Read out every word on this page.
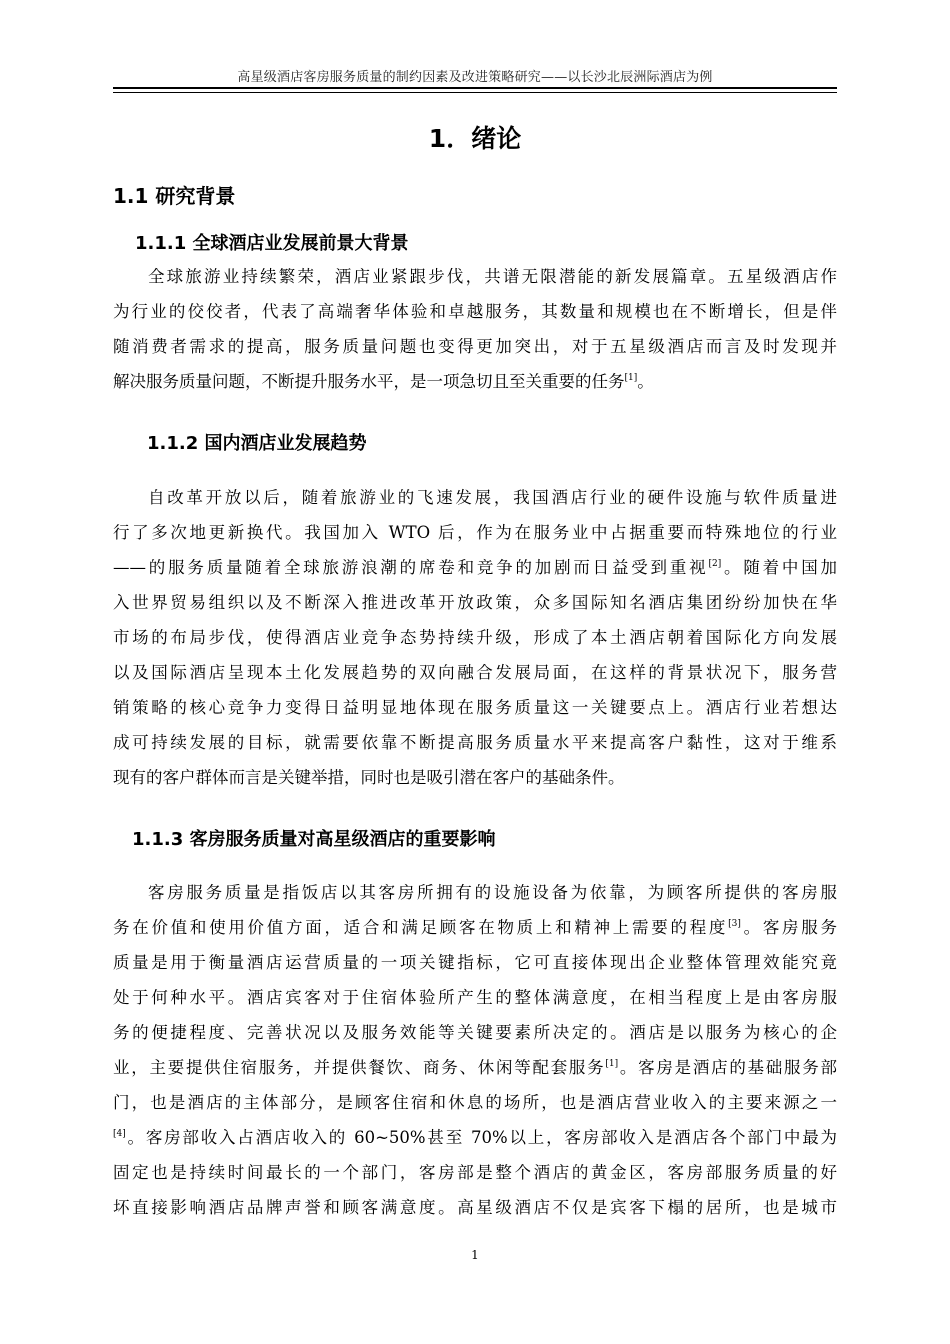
高星级酒店客房服务质量的制约因素及改进策略研究——以长沙北辰洲际酒店为例
1．绪论
1.1 研究背景
1.1.1 全球酒店业发展前景大背景
全球旅游业持续繁荣，酒店业紧跟步伐，共谱无限潜能的新发展篇章。五星级酒店作
为行业的佼佼者，代表了高端奢华体验和卓越服务，其数量和规模也在不断增长，但是伴
随消费者需求的提高，服务质量问题也变得更加突出，对于五星级酒店而言及时发现并
解决服务质量问题，不断提升服务水平，是一项急切且至关重要的任务[1]。
1.1.2 国内酒店业发展趋势
自改革开放以后，随着旅游业的飞速发展，我国酒店行业的硬件设施与软件质量进
行了多次地更新换代。我国加入 WTO 后，作为在服务业中占据重要而特殊地位的行业
——的服务质量随着全球旅游浪潮的席卷和竞争的加剧而日益受到重视[2]。随着中国加
入世界贸易组织以及不断深入推进改革开放政策，众多国际知名酒店集团纷纷加快在华
市场的布局步伐，使得酒店业竞争态势持续升级，形成了本土酒店朝着国际化方向发展
以及国际酒店呈现本土化发展趋势的双向融合发展局面，在这样的背景状况下，服务营
销策略的核心竞争力变得日益明显地体现在服务质量这一关键要点上。酒店行业若想达
成可持续发展的目标，就需要依靠不断提高服务质量水平来提高客户黏性，这对于维系
现有的客户群体而言是关键举措，同时也是吸引潜在客户的基础条件。
1.1.3 客房服务质量对高星级酒店的重要影响
客房服务质量是指饭店以其客房所拥有的设施设备为依靠，为顾客所提供的客房服
务在价值和使用价值方面，适合和满足顾客在物质上和精神上需要的程度[3]。客房服务
质量是用于衡量酒店运营质量的一项关键指标，它可直接体现出企业整体管理效能究竟
处于何种水平。酒店宾客对于住宿体验所产生的整体满意度，在相当程度上是由客房服
务的便捷程度、完善状况以及服务效能等关键要素所决定的。酒店是以服务为核心的企
业，主要提供住宿服务，并提供餐饮、商务、休闲等配套服务[1]。客房是酒店的基础服务部
门，也是酒店的主体部分，是顾客住宿和休息的场所，也是酒店营业收入的主要来源之一
[4]。客房部收入占酒店收入的 60~50%甚至 70%以上，客房部收入是酒店各个部门中最为
固定也是持续时间最长的一个部门，客房部是整个酒店的黄金区，客房部服务质量的好
坏直接影响酒店品牌声誉和顾客满意度。高星级酒店不仅是宾客下榻的居所，也是城市
1
